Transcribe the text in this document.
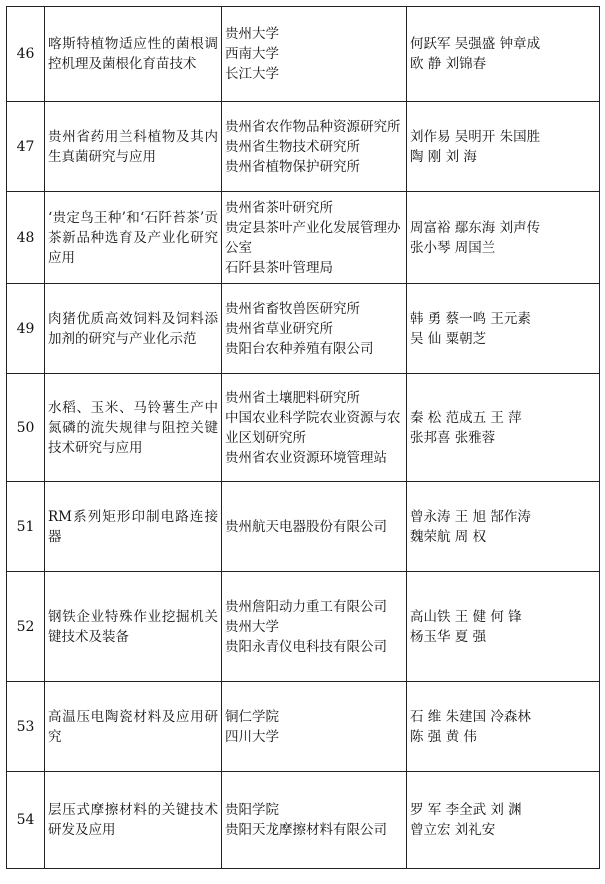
46	喀斯特植物适应性的菌根调控机理及菌根化育苗技术	贵州大学
西南大学
长江大学	何跃军 吴强盛 钟章成
欧 静 刘锦春

47	贵州省药用兰科植物及其内生真菌研究与应用	贵州省农作物品种资源研究所
贵州省生物技术研究所
贵州省植物保护研究所	刘作易 吴明开 朱国胜
陶 刚 刘 海

48	‘贵定鸟王种’和‘石阡苔茶’贡茶新品种选育及产业化研究应用	贵州省茶叶研究所
贵定县茶叶产业化发展管理办公室
石阡县茶叶管理局	周富裕 鄢东海 刘声传
张小琴 周国兰

49	肉猪优质高效饲料及饲料添加剂的研究与产业化示范	贵州省畜牧兽医研究所
贵州省草业研究所
贵阳台农种养殖有限公司	韩 勇 蔡一鸣 王元素
吴 仙 粟朝芝

50	水稻、玉米、马铃薯生产中氮磷的流失规律与阻控关键技术研究与应用	贵州省土壤肥料研究所
中国农业科学院农业资源与农业区划研究所
贵州省农业资源环境管理站	秦 松 范成五 王 萍
张邦喜 张雅蓉

51	RM系列矩形印制电路连接器	贵州航天电器股份有限公司	曾永涛 王 旭 郜作涛
魏荣航 周 权

52	钢铁企业特殊作业挖掘机关键技术及装备	贵州詹阳动力重工有限公司
贵州大学
贵阳永青仪电科技有限公司	高山铁 王 健 何 锋
杨玉华 夏 强

53	高温压电陶瓷材料及应用研究	铜仁学院
四川大学	石 维 朱建国 冷森林
陈 强 黄 伟

54	层压式摩擦材料的关键技术研发及应用	贵阳学院
贵阳天龙摩擦材料有限公司	罗 军 李全武 刘 渊
曾立宏 刘礼安
